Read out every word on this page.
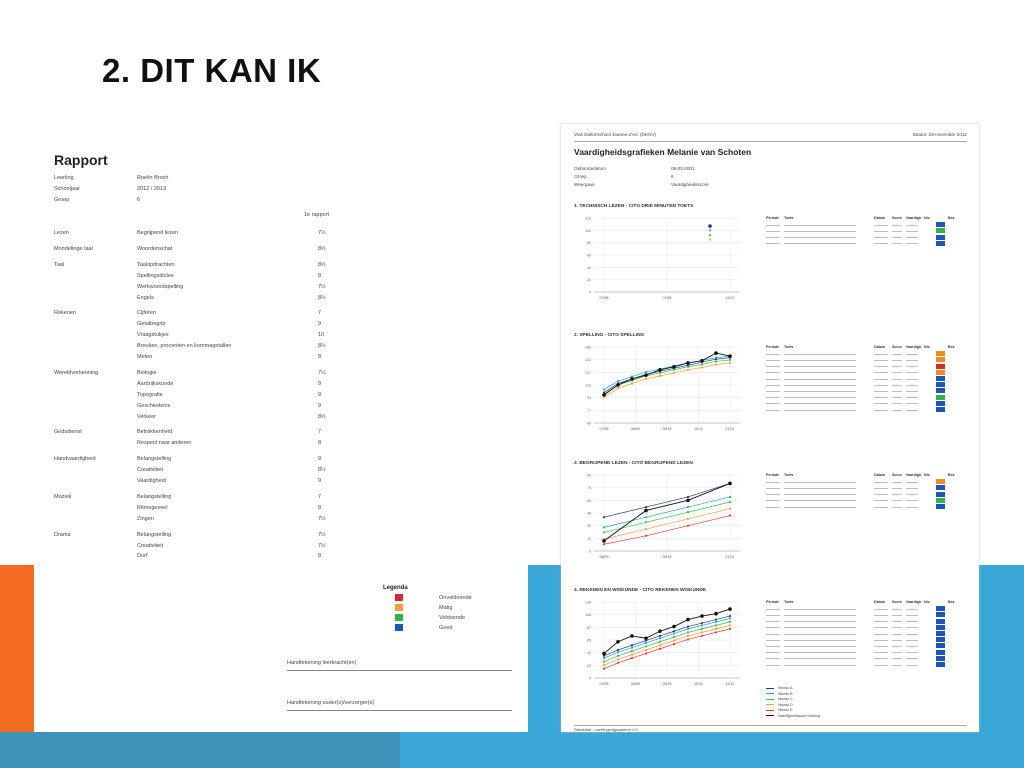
2. DIT KAN IK
Rapport
Leerling	Roelin Broch
Schooljaar	2012 / 2013
Groep	6
1e rapport
Lezen	Begrijpend lezen	7½
Mondelinge taal	Woordenschat	8½
Taal	Taalopdrachten	8½
Spellingsdictee	8
Werkwoordspelling	7½
Engels	8½
Rekenen	Cijferen	7
Getalbegrip	9
Vraagstukjes	10
Breuken, procenten en kommagetallen	8½
Meten	8
Wereldverkenning	Biologie	7½
Aardrijkskunde	9
Topografie	9
Geschiedenis	9
Verkeer	8½
Godsdienst	Betrokkenheid	7
Respect naar anderen	8
Handvaardigheid	Belangstelling	9
Creativiteit	8½
Vaardigheid	9
Muziek	Belangstelling	7
Ritmegevoel	8
Zingen	7½
Drama	Belangstelling	7½
Creativiteit	7½
Durf	8
Legenda
Onvoldoende
Matig
Voldoende
Goed
Handtekening leerkracht(en)
Handtekening ouder(s)/verzorger(s)
Vlas Daltonschool Jeanne d'Arc (DKOV)	Datum: 29 november 2012
Vaardigheidsgrafieken Melanie van Schoten
Geboortedatum	08-03-2001
Groep	6
Weergave	Vaardigheidsscore
1. TECHNISCH LEZEN - CITO DRIE MINUTEN TOETS
120
100
80
60
40
20
0
07/08	07/08	11/12
Periode Toets	Datum Score Vaardigh. Niv.	Bez.
2. SPELLING - CITO SPELLING
160
143
127
110
93
77
60
07/08	08/09	09/10	10/11	11/12
Periode Toets	Datum Score Vaardigh. Niv.	Bez.
3. BEGRIJPEND LEZEN - CITO BEGRIJPEND LEZEN
90
75
60
45
30
15
0
08/09	09/10	11/12
Periode Toets	Datum Score Vaardigh. Niv.	Bez.
4. REKENEN EN WISKUNDE - CITO REKENEN WISKUNDE
130
108
87
65
43
22
0
07/08	08/09	09/10	10/11	11/12
Periode Toets	Datum Score Vaardigh. Niv.	Bez.
Niveau A
Niveau B
Niveau C
Niveau D
Niveau E
Vaardigheidsscore leerling
Remedial - Leerlingvolgsysteem 1.0
